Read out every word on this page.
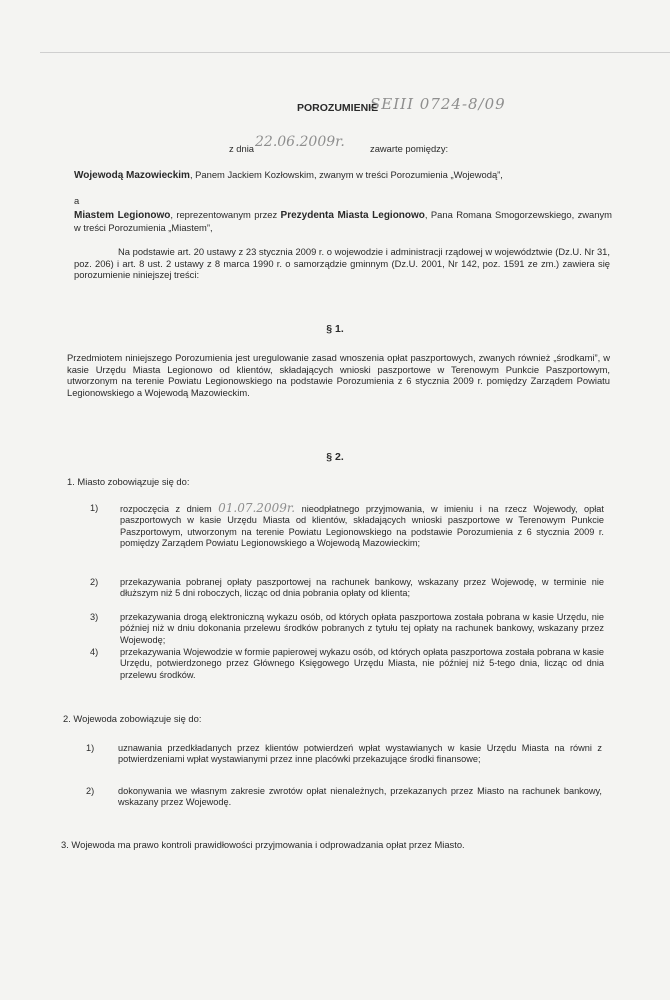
POROZUMIENIE
SEIII 0724-8/09
z dnia 22.06.2009r.	zawarte pomiędzy:
Wojewodą Mazowieckim, Panem Jackiem Kozłowskim, zwanym w treści Porozumienia „Wojewodą”,
a
Miastem Legionowo, reprezentowanym przez Prezydenta Miasta Legionowo, Pana Romana Smogorzewskiego, zwanym w treści Porozumienia „Miastem”,
Na podstawie art. 20 ustawy z 23 stycznia 2009 r. o wojewodzie i administracji rządowej w województwie (Dz.U. Nr 31, poz. 206) i art. 8 ust. 2 ustawy z 8 marca 1990 r. o samorządzie gminnym (Dz.U. 2001, Nr 142, poz. 1591 ze zm.) zawiera się porozumienie niniejszej treści:
§ 1.
Przedmiotem niniejszego Porozumienia jest uregulowanie zasad wnoszenia opłat paszportowych, zwanych również „środkami”, w kasie Urzędu Miasta Legionowo od klientów, składających wnioski paszportowe w Terenowym Punkcie Paszportowym, utworzonym na terenie Powiatu Legionowskiego na podstawie Porozumienia z 6 stycznia 2009 r. pomiędzy Zarządem Powiatu Legionowskiego a Wojewodą Mazowieckim.
§ 2.
1. Miasto zobowiązuje się do:
1) rozpoczęcia z dniem 01.07.2009r. nieodpłatnego przyjmowania, w imieniu i na rzecz Wojewody, opłat paszportowych w kasie Urzędu Miasta od klientów, składających wnioski paszportowe w Terenowym Punkcie Paszportowym, utworzonym na terenie Powiatu Legionowskiego na podstawie Porozumienia z 6 stycznia 2009 r. pomiędzy Zarządem Powiatu Legionowskiego a Wojewodą Mazowieckim;
2) przekazywania pobranej opłaty paszportowej na rachunek bankowy, wskazany przez Wojewodę, w terminie nie dłuższym niż 5 dni roboczych, licząc od dnia pobrania opłaty od klienta;
3) przekazywania drogą elektroniczną wykazu osób, od których opłata paszportowa została pobrana w kasie Urzędu, nie później niż w dniu dokonania przelewu środków pobranych z tytułu tej opłaty na rachunek bankowy, wskazany przez Wojewodę;
4) przekazywania Wojewodzie w formie papierowej wykazu osób, od których opłata paszportowa została pobrana w kasie Urzędu, potwierdzonego przez Głównego Księgowego Urzędu Miasta, nie później niż 5-tego dnia, licząc od dnia przelewu środków.
2. Wojewoda zobowiązuje się do:
1)	uznawania przedkładanych przez klientów potwierdzeń wpłat wystawianych w kasie Urzędu Miasta na równi z potwierdzeniami wpłat wystawianymi przez inne placówki przekazujące środki finansowe;
2)	dokonywania we własnym zakresie zwrotów opłat nienależnych, przekazanych przez Miasto na rachunek bankowy, wskazany przez Wojewodę.
3. Wojewoda ma prawo kontroli prawidłowości przyjmowania i odprowadzania opłat przez Miasto.
